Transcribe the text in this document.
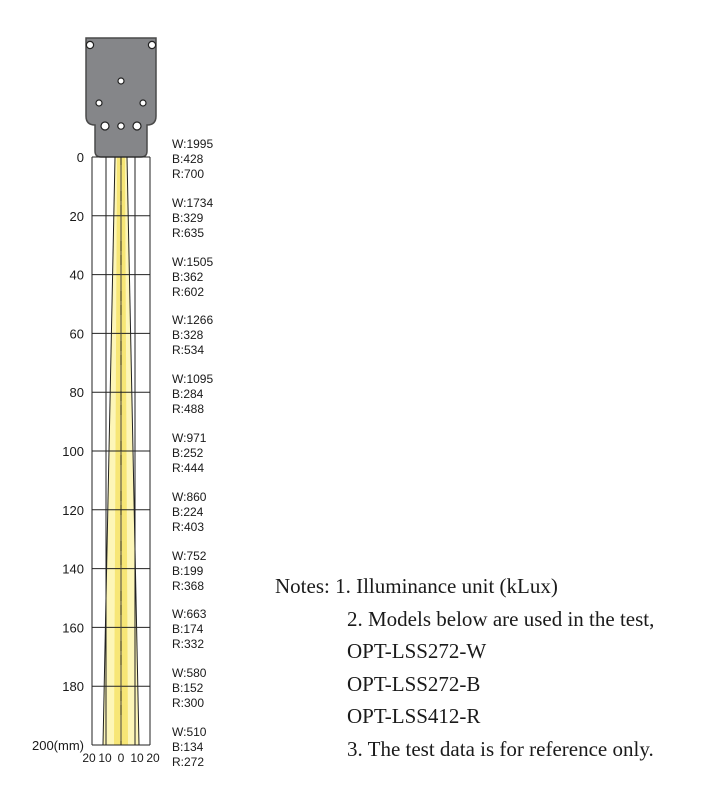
0
20
40
60
80
100
120
140
160
180
200(mm)
20 10 0 10 20
W:1995
B:428
R:700
W:1734
B:329
R:635
W:1505
B:362
R:602
W:1266
B:328
R:534
W:1095
B:284
R:488
W:971
B:252
R:444
W:860
B:224
R:403
W:752
B:199
R:368
W:663
B:174
R:332
W:580
B:152
R:300
W:510
B:134
R:272
Notes: 1. Illuminance unit (kLux)
2. Models below are used in the test,
OPT-LSS272-W
OPT-LSS272-B
OPT-LSS412-R
3. The test data is for reference only.
